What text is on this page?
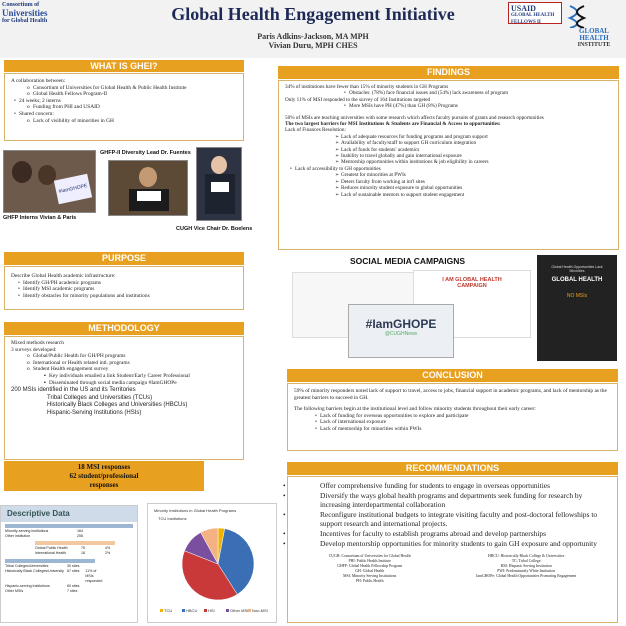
Consortium of
Universities
for Global Health	Global Health Engagement Initiative
Paris Adkins-Jackson, MA MPH
Vivian Duru, MPH CHES
USAID
GLOBAL HEALTH
FELLOWS II
GLOBAL
HEALTH
INSTITUTE
WHAT IS GHEI?
A collaboration between:
o Consortium of Universities for Global Health & Public Health Institute
o Global Health Fellows Program-II
• 24 weeks; 2 interns
o Funding from PHI and USAID
• Shared concern:
o Lack of visibility of minorities in GH
#IamGHOPE
GHFP Interns Vivian & Paris
GHFP-II Diversity Lead Dr. Fuentes
CUGH Vice Chair Dr. Boelens
PURPOSE
Describe Global Health academic infrastructure:
• Identify GH/PH academic programs
• Identify MSI academic programs
• Identify obstacles for minority populations and institutions
METHODOLOGY
Mixed methods research
3 surveys developed:
o Global/Public Health for GH/PH programs
o International or Health related intl. programs
o Student Health engagement survey
▪ Key individuals emailed a link Student/Early Career Professional
▪ Disseminated through social media campaign #IamGHOPe
200 MSIs identified in the US and its Territories
Tribal Colleges and Universities (TCUs)
Historically Black Colleges and Universities (HBCUs)
Hispanic-Serving Institutions (HSIs)
18 MSI responses
62 student/professional
responses
Descriptive Data
Minority-serving institutions	164
Other institution	206
Global Public Health	75	4%
International Health	18	2%
Tribal Colleges/Universities	30 sites
Historically Black Colleges/University 67 sites 11% of MSIs responded
Hispanic-serving Institutions	60 sites
Other MSIs	7 sites
Minority Institutions in Global Health Programs
TCU Institutions
TCU	HBCU	HSI	Other MSI Non-MSI
FINDINGS
34% of institutions have fewer than 15% of minority students in GH Programs
• Obstacles: (78%) face financial issues and (54%) lack awareness of program
Only 11% of MSI responded to the survey of 164 Institutions targeted
• More MSIs have PH (47%) than GH (8%) Programs
50% of MSIs are teaching universities with some research which affects faculty pursuits of grants and research opportunities
The two largest barriers for MSI Institutions & Students are Financial & Access to opportunities:
Lack of Finances Resolution:
➢ Lack of adequate resources for funding programs and program support
➢ Availability of faculty/staff to support GH curriculum integration
➢ Lack of funds for students' academics
➢ Inability to travel globally and gain international exposure
➢ Mentorship opportunities within institutions & job eligibility in careers
• Lack of accessibility to GH opportunities
➢ Greatest for minorities at PWIs
➢ Deters faculty from working at int'l sites
➢ Reduces minority student exposure to global opportunities
➢ Lack of sustainable mentors to support student engagement
SOCIAL MEDIA CAMPAIGNS
I AM GLOBAL HEALTH CAMPAIGN
Global Health Opportunities Lack Minorities
GLOBAL HEALTH
NO MSIs
#IamGHOPE
@CUGHNews
CONCLUSION
59% of minority responders noted lack of support to travel, access to jobs, financial support in academic programs, and lack of mentorship as the greatest barriers to succeed in GH.
The following barriers begin at the institutional level and follow minority students throughout their early career:
• Lack of funding for overseas opportunities to explore and participate
• Lack of international exposure
• Lack of mentorship for minorities within PWIs
RECOMMENDATIONS
• Offer comprehensive funding for students to engage in overseas opportunities
• Diversify the ways global health programs and departments seek funding for research by increasing interdepartmental collaboration
• Reconfigure institutional budgets to integrate visiting faculty and post-doctoral fellowships to support research and international projects.
• Incentives for faculty to establish programs abroad and develop partnerships
• Develop mentorship opportunities for minority students to gain GH exposure and opportunity
CUGH: Consortium of Universities for Global Health
PHI: Public Health Institute
GHFP: Global Health Fellowship Program
GH: Global Health
MSI: Minority Serving Institutions
PH: Public Health
HBCU: Historically Black College & Universities
TC: Tribal College
HSI: Hispanic Serving Institution
PWI: Predominately White Institution
IamGHOPe: Global Health Opportunities Promoting Engagement
